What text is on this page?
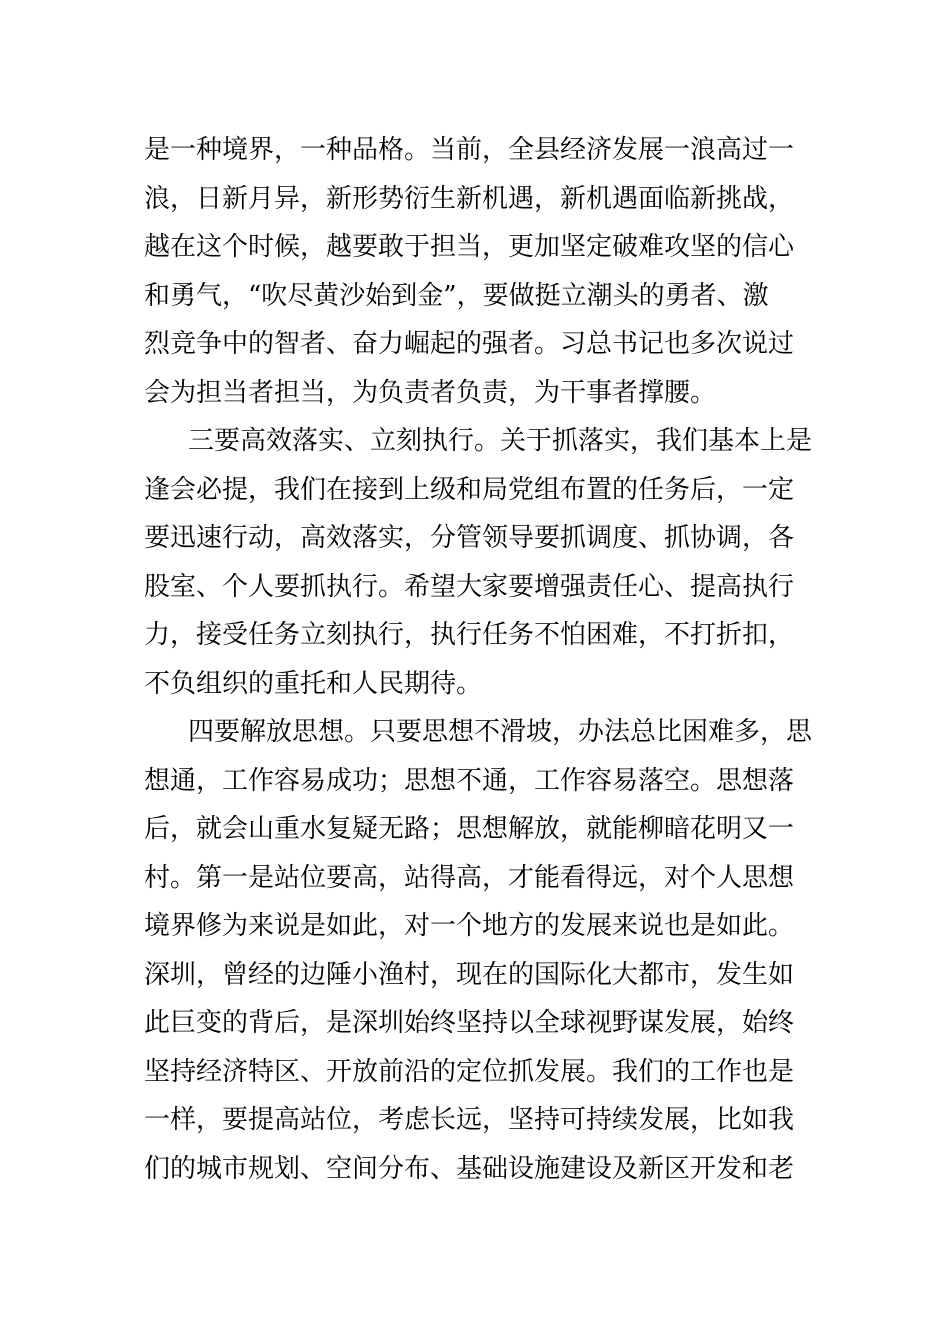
是一种境界，一种品格。当前，全县经济发展一浪高过一
浪，日新月异，新形势衍生新机遇，新机遇面临新挑战，
越在这个时候，越要敢于担当，更加坚定破难攻坚的信心
和勇气，“吹尽黄沙始到金”，要做挺立潮头的勇者、激
烈竞争中的智者、奋力崛起的强者。习总书记也多次说过
会为担当者担当，为负责者负责，为干事者撑腰。
三要高效落实、立刻执行。关于抓落实，我们基本上是
逢会必提，我们在接到上级和局党组布置的任务后，一定
要迅速行动，高效落实，分管领导要抓调度、抓协调，各
股室、个人要抓执行。希望大家要增强责任心、提高执行
力，接受任务立刻执行，执行任务不怕困难，不打折扣，
不负组织的重托和人民期待。
四要解放思想。只要思想不滑坡，办法总比困难多，思
想通，工作容易成功；思想不通，工作容易落空。思想落
后，就会山重水复疑无路；思想解放，就能柳暗花明又一
村。第一是站位要高，站得高，才能看得远，对个人思想
境界修为来说是如此，对一个地方的发展来说也是如此。
深圳，曾经的边陲小渔村，现在的国际化大都市，发生如
此巨变的背后，是深圳始终坚持以全球视野谋发展，始终
坚持经济特区、开放前沿的定位抓发展。我们的工作也是
一样，要提高站位，考虑长远，坚持可持续发展，比如我
们的城市规划、空间分布、基础设施建设及新区开发和老
